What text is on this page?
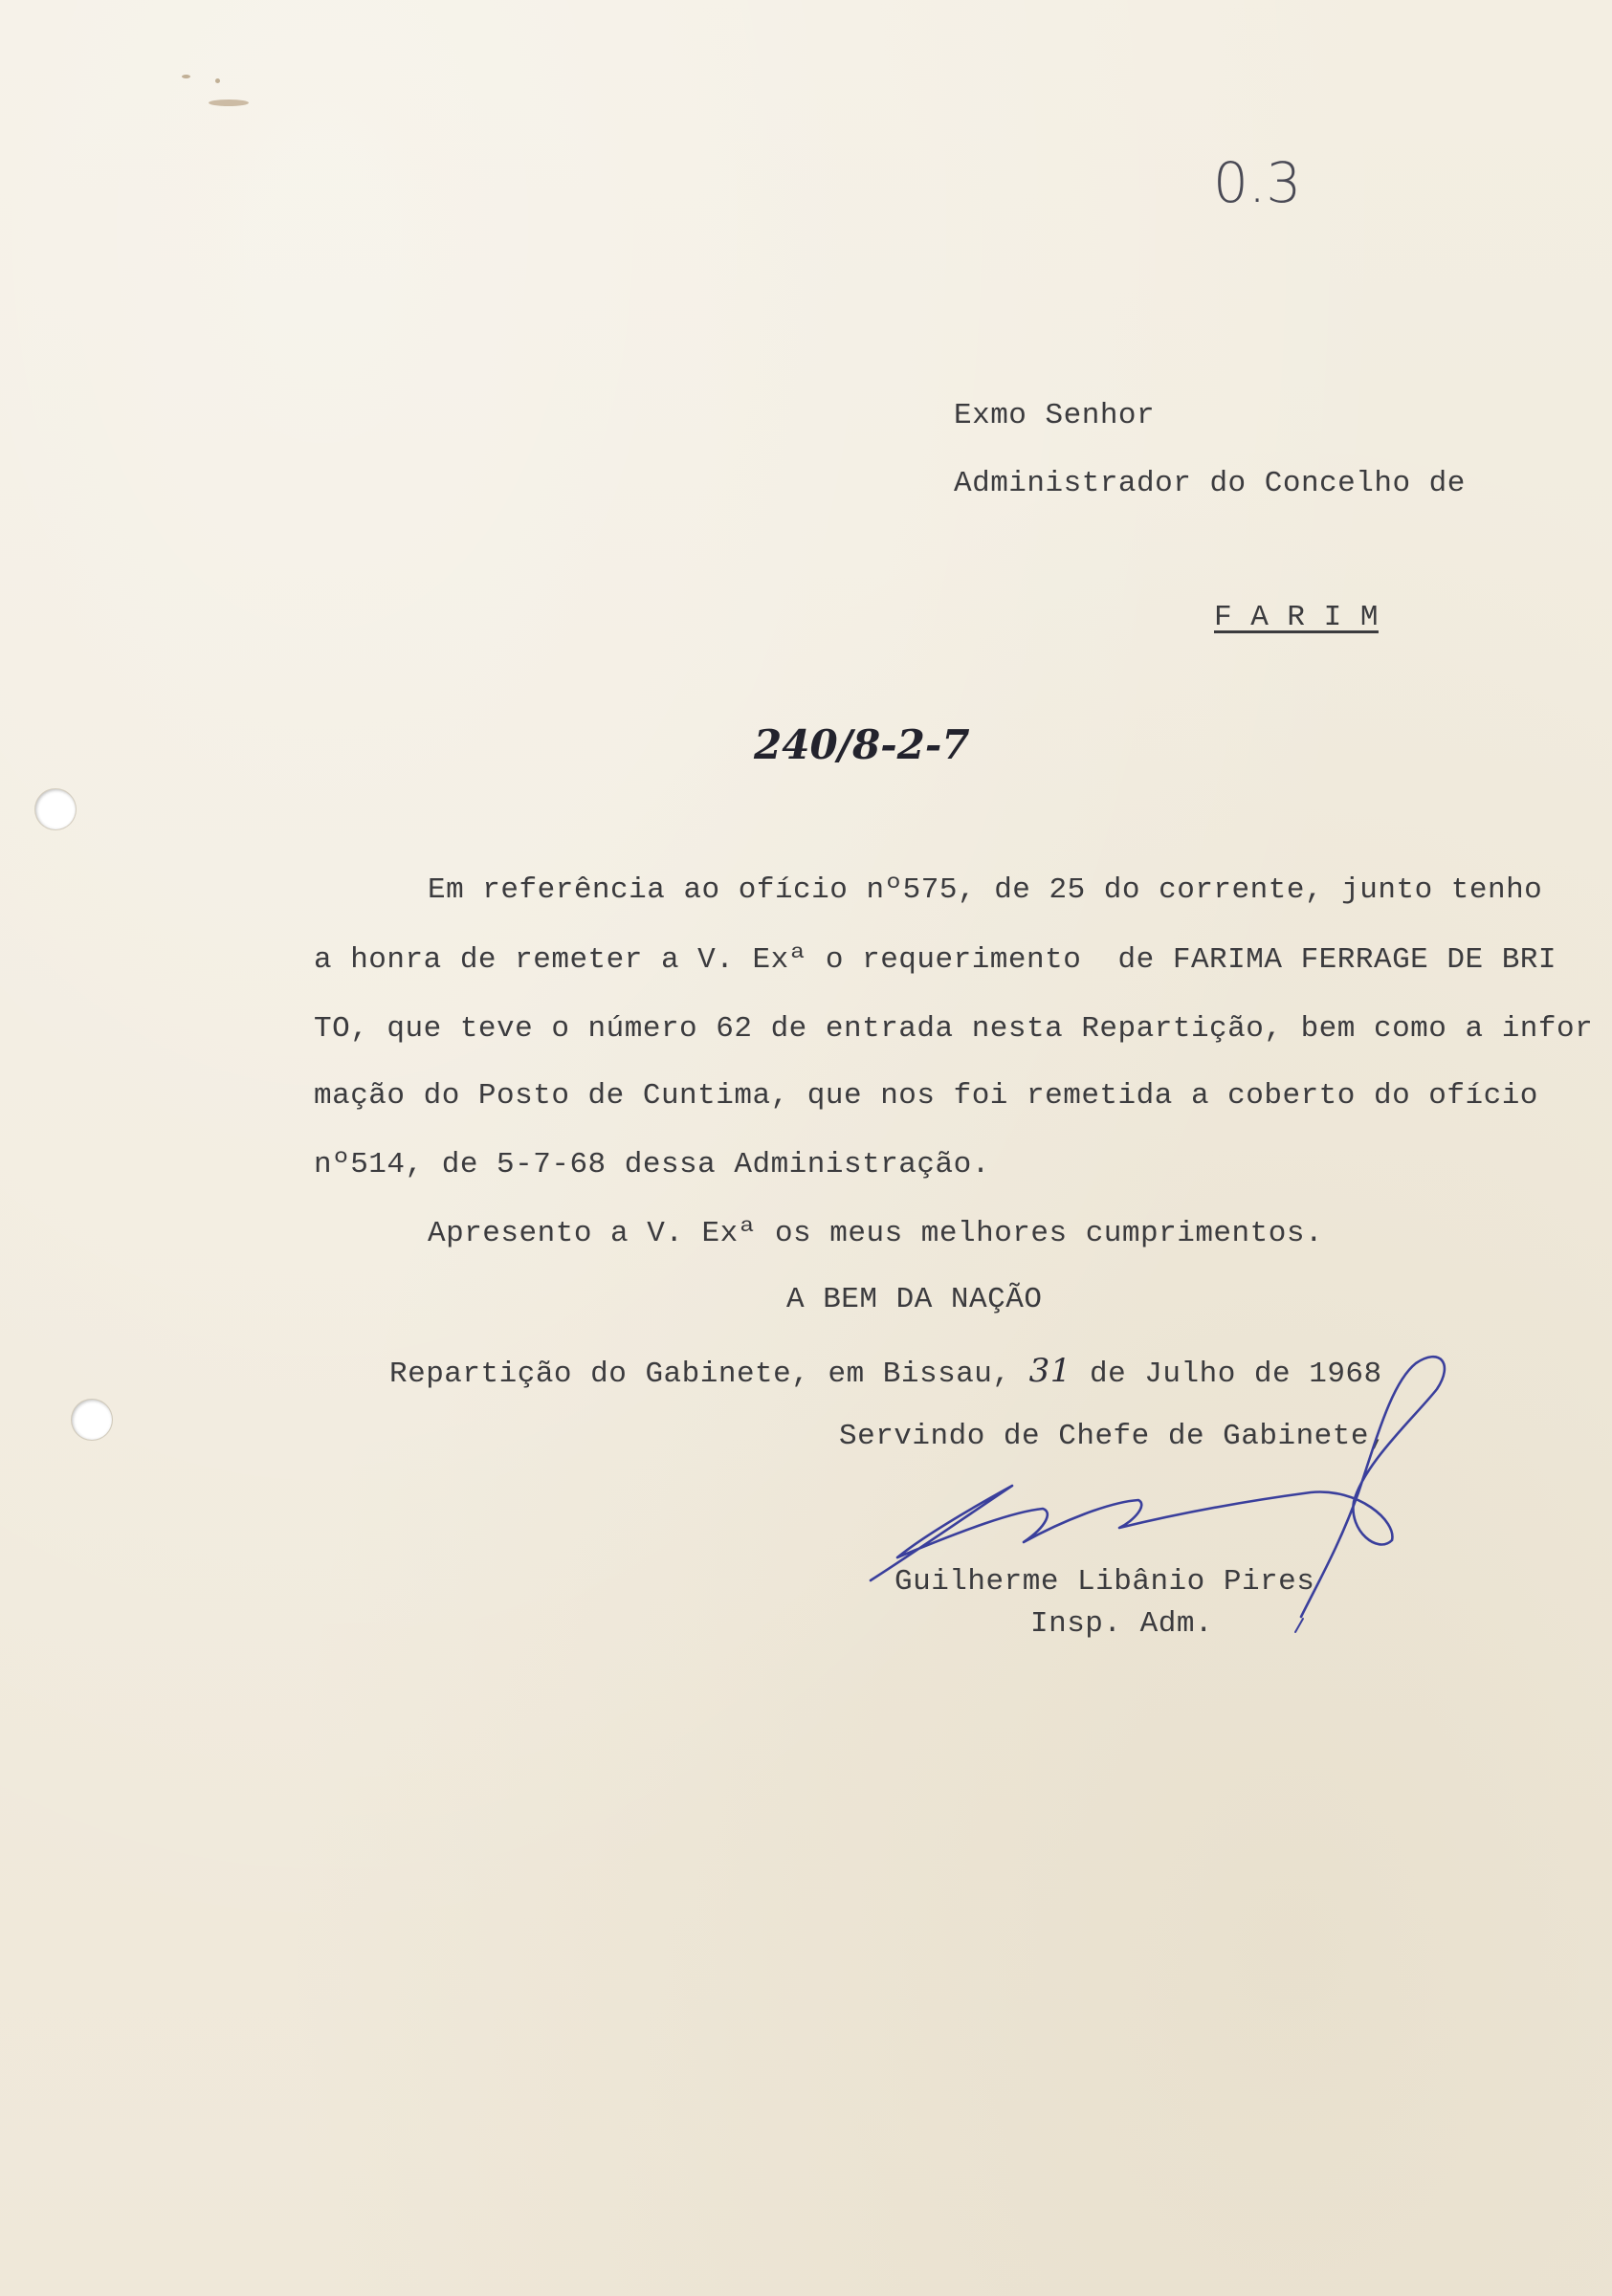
0.3
Exmo Senhor
Administrador do Concelho de
F A R I M
240/8-2-7
Em referência ao ofício nº575, de 25 do corrente, junto tenho
a honra de remeter a V. Exª o requerimento  de FARIMA FERRAGE DE BRI
TO, que teve o número 62 de entrada nesta Repartição, bem como a infor
mação do Posto de Cuntima, que nos foi remetida a coberto do ofício
nº514, de 5-7-68 dessa Administração.
Apresento a V. Exª os meus melhores cumprimentos.
A BEM DA NAÇÃO
Repartição do Gabinete, em Bissau, 31 de Julho de 1968
Servindo de Chefe de Gabinete,
Guilherme Libânio Pires
Insp. Adm.
